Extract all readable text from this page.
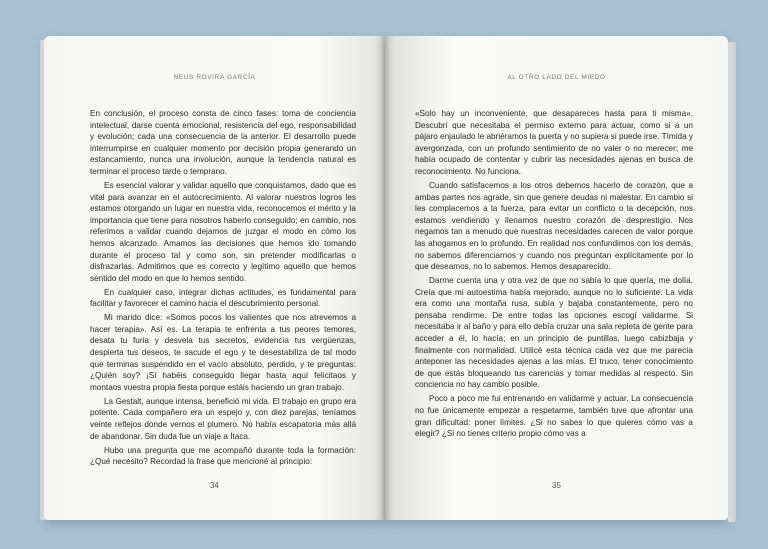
NEUS ROVIRA GARCÍA

En conclusión, el proceso consta de cinco fases: toma de conciencia intelectual, darse cuenta emocional, resistencia del ego, responsabilidad y evolución; cada una consecuencia de la anterior. El desarrollo puede interrumpirse en cualquier momento por decisión propia generando un estancamiento, nunca una involución, aunque la tendencia natural es terminar el proceso tarde o temprano.

Es esencial valorar y validar aquello que conquistamos, dado que es vital para avanzar en el autocrecimiento. Al valorar nuestros logros les estamos otorgando un lugar en nuestra vida, reconocemos el mérito y la importancia que tiene para nosotros haberlo conseguido; en cambio, nos referimos a validar cuando dejamos de juzgar el modo en cómo los hemos alcanzado. Amamos las decisiones que hemos ido tomando durante el proceso tal y como son, sin pretender modificarlas o disfrazarlas. Admitimos que es correcto y legítimo aquello que hemos sentido del modo en que lo hemos sentido.

En cualquier caso, integrar dichas actitudes, es fundamental para facilitar y favorecer el camino hacia el descubrimiento personal.

Mi marido dice: «Somos pocos los valientes que nos atrevemos a hacer terapia». Así es. La terapia te enfrenta a tus peores temores, desata tu furia y desvela tus secretos, evidencia tus vergüenzas, despierta tus deseos, te sacude el ego y te desestabiliza de tal modo que terminas suspendido en el vacío absoluto, perdido, y te preguntas: ¿Quién soy? ¡Sí habéis conseguido llegar hasta aquí felicitaos y montaos vuestra propia fiesta porque estáis haciendo un gran trabajo.

La Gestalt, aunque intensa, benefició mi vida. El trabajo en grupo era potente. Cada compañero era un espejo y, con diez parejas, teníamos veinte reflejos donde vernos el plumero. No había escapatoria más allá de abandonar. Sin duda fue un viaje a Ítaca.

Hubo una pregunta que me acompañó durante toda la formación: ¿Qué necesito? Recordad la frase que mencioné al principio:

34
AL OTRO LADO DEL MIEDO

«Solo hay un inconveniente, que desapareces hasta para ti misma». Descubrí que necesitaba el permiso externo para actuar, como si a un pájaro enjaulado le abriéramos la puerta y no supiera si puede irse. Tímida y avergonzada, con un profundo sentimiento de no valer o no merecer; me había ocupado de contentar y cubrir las necesidades ajenas en busca de reconocimiento. No funciona.

Cuando satisfacemos a los otros debemos hacerlo de corazón, que a ambas partes nos agrade, sin que genere deudas ni malestar. En cambio si les complacemos a la fuerza, para evitar un conflicto o la decepción, nos estamos vendiendo y llenamos nuestro corazón de desprestigio. Nos negamos tan a menudo que nuestras necesidades carecen de valor porque las ahogamos en lo profundo. En realidad nos confundimos con los demás, no sabemos diferenciarnos y cuando nos preguntan explícitamente por lo que deseamos, no lo sabemos. Hemos desaparecido.

Darme cuenta una y otra vez de que no sabía lo que quería, me dolía. Creía que mi autoestima había mejorado, aunque no lo suficiente. La vida era como una montaña rusa, subía y bajaba constantemente, pero no pensaba rendirme. De entre todas las opciones escogí validarme. Si necesitaba ir al baño y para ello debía cruzar una sala repleta de gente para acceder a él, lo hacía; en un principio de puntillas, luego cabizbaja y finalmente con normalidad. Utilicé esta técnica cada vez que me parecía anteponer las necesidades ajenas a las mías. El truco, tener conocimiento de que estás bloqueando tus carencias y tomar medidas al respecto. Sin conciencia no hay cambio posible.

Poco a poco me fui entrenando en validarme y actuar. La consecuencia no fue únicamente empezar a respetarme, también tuve que afrontar una gran dificultad: poner límites. ¿Si no sabes lo que quieres cómo vas a elegir? ¿Si no tienes criterio propio cómo vas a

35
